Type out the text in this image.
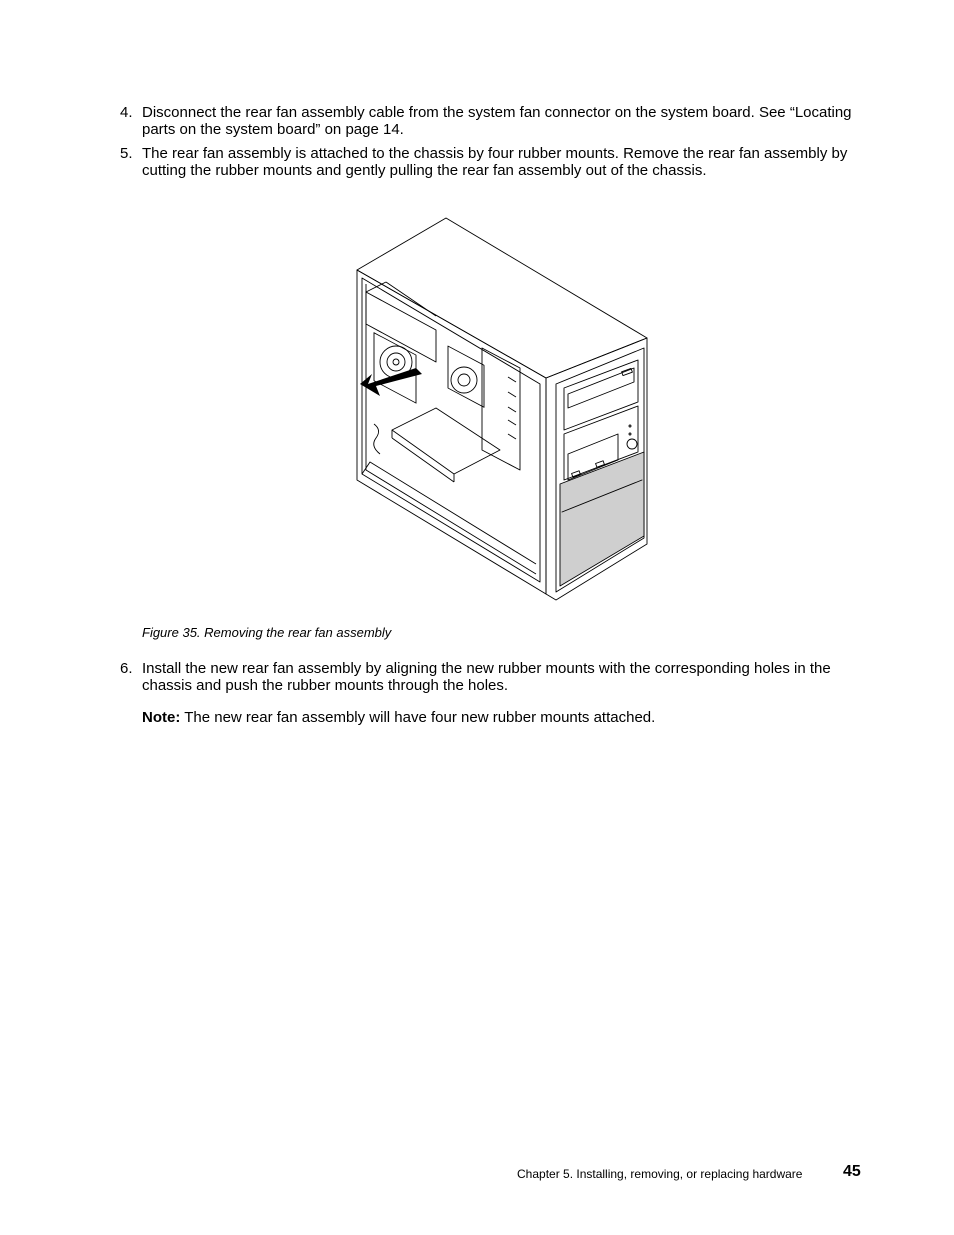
4. Disconnect the rear fan assembly cable from the system fan connector on the system board. See “Locating parts on the system board” on page 14.
5. The rear fan assembly is attached to the chassis by four rubber mounts. Remove the rear fan assembly by cutting the rubber mounts and gently pulling the rear fan assembly out of the chassis.
Figure 35. Removing the rear fan assembly
6. Install the new rear fan assembly by aligning the new rubber mounts with the corresponding holes in the chassis and push the rubber mounts through the holes.
Note: The new rear fan assembly will have four new rubber mounts attached.
Chapter 5. Installing, removing, or replacing hardware	45
